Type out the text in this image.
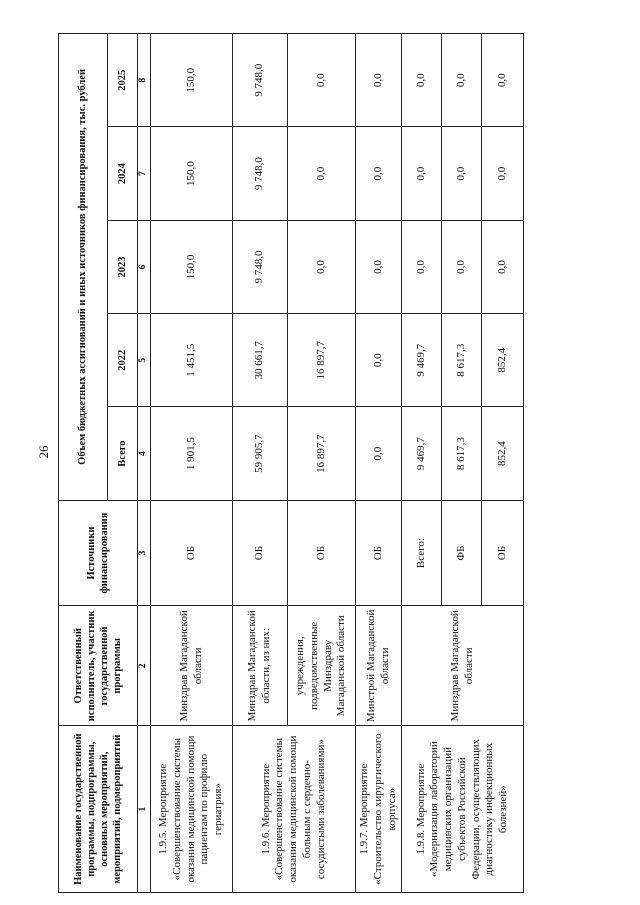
26
Наименование государственной программы, подпрограммы, основных мероприятий, мероприятий, подмероприятий	Ответственный исполнитель, участник государственной программы	Источники финансирования	Объем бюджетных ассигнований и иных источников финансирования, тыс. рублей				
			Всего	2022	2023	2024	2025
1	2	3	4	5	6	7	8
1.9.5. Мероприятие «Совершенствование системы оказания медицинской помощи пациентам по профилю гериатрия»	Минздрав Магаданской области	ОБ	1 901,5	1 451,5	150,0	150,0	150,0
1.9.6. Мероприятие «Совершенствование системы оказания медицинской помощи больным с сердечно-сосудистыми заболеваниями»	Минздрав Магаданской области, из них:	ОБ	59 905,7	30 661,7	9 748,0	9 748,0	9 748,0
	учреждения, подведомственные Минздраву Магаданской области	ОБ	16 897,7	16 897,7	0,0	0,0	0,0
1.9.7. Мероприятие «Строительство хирургического корпуса»	Минстрой Магаданской области	ОБ	0,0	0,0	0,0	0,0	0,0
1.9.8. Мероприятие «Модернизация лабораторий медицинских организаций субъектов Российской Федерации, осуществляющих диагностику инфекционных болезней»	Минздрав Магаданской области	Всего:	9 469,7	9 469,7	0,0	0,0	0,0
		ФБ	8 617,3	8 617,3	0,0	0,0	0,0
		ОБ	852,4	852,4	0,0	0,0	0,0
